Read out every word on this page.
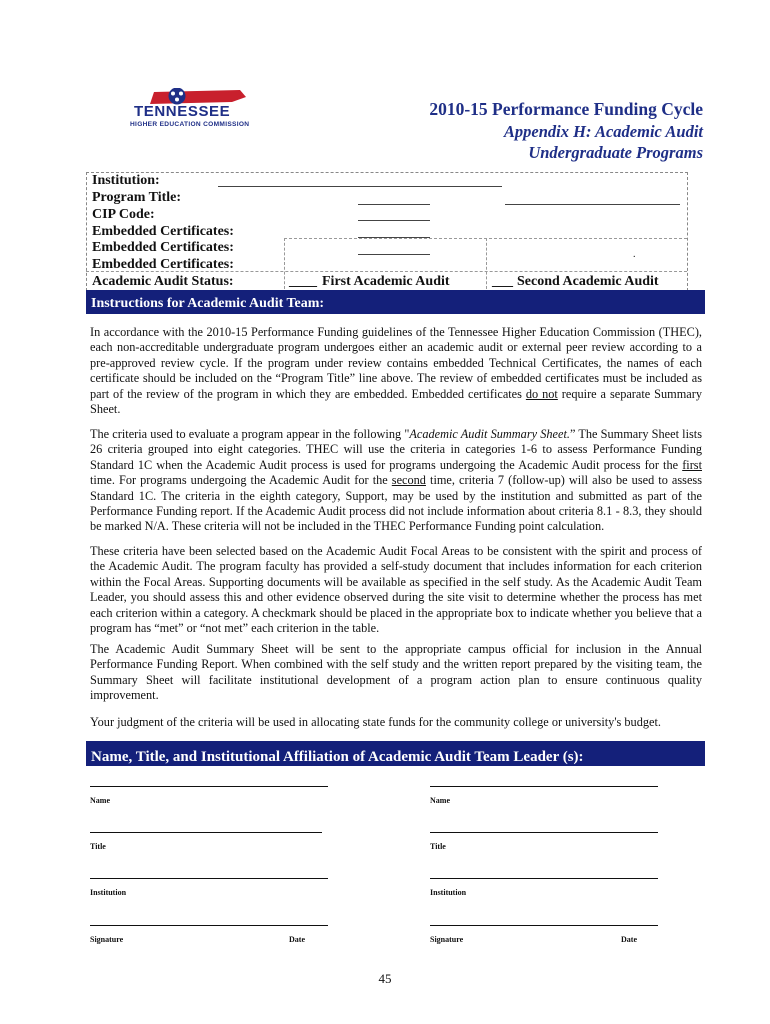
TENNESSEE
HIGHER EDUCATION COMMISSION
2010-15 Performance Funding Cycle
Appendix H: Academic Audit
Undergraduate Programs
Institution:
Program Title:
CIP Code:
Embedded Certificates:
Embedded Certificates:
Embedded Certificates:
Academic Audit Status:
.
____ First Academic Audit	___ Second Academic Audit
Instructions for Academic Audit Team:
In accordance with the 2010-15 Performance Funding guidelines of the Tennessee Higher Education Commission (THEC), each non-accreditable undergraduate program undergoes either an academic audit or external peer review according to a pre-approved review cycle. If the program under review contains embedded Technical Certificates, the names of each certificate should be included on the “Program Title” line above. The review of embedded certificates must be included as part of the review of the program in which they are embedded. Embedded certificates do not require a separate Summary Sheet.
The criteria used to evaluate a program appear in the following "Academic Audit Summary Sheet.” The Summary Sheet lists 26 criteria grouped into eight categories. THEC will use the criteria in categories 1-6 to assess Performance Funding Standard 1C when the Academic Audit process is used for programs undergoing the Academic Audit process for the first time. For programs undergoing the Academic Audit for the second time, criteria 7 (follow-up) will also be used to assess Standard 1C. The criteria in the eighth category, Support, may be used by the institution and submitted as part of the Performance Funding report. If the Academic Audit process did not include information about criteria 8.1 - 8.3, they should be marked N/A. These criteria will not be included in the THEC Performance Funding point calculation.
These criteria have been selected based on the Academic Audit Focal Areas to be consistent with the spirit and process of the Academic Audit. The program faculty has provided a self-study document that includes information for each criterion within the Focal Areas. Supporting documents will be available as specified in the self study. As the Academic Audit Team Leader, you should assess this and other evidence observed during the site visit to determine whether the process has met each criterion within a category. A checkmark should be placed in the appropriate box to indicate whether you believe that a program has “met” or “not met” each criterion in the table.
The Academic Audit Summary Sheet will be sent to the appropriate campus official for inclusion in the Annual Performance Funding Report. When combined with the self study and the written report prepared by the visiting team, the Summary Sheet will facilitate institutional development of a program action plan to ensure continuous quality improvement.
Your judgment of the criteria will be used in allocating state funds for the community college or university's budget.
Name, Title, and Institutional Affiliation of Academic Audit Team Leader (s):
Name
Title
Institution
Signature	Date
Name
Title
Institution
Signature	Date
45
